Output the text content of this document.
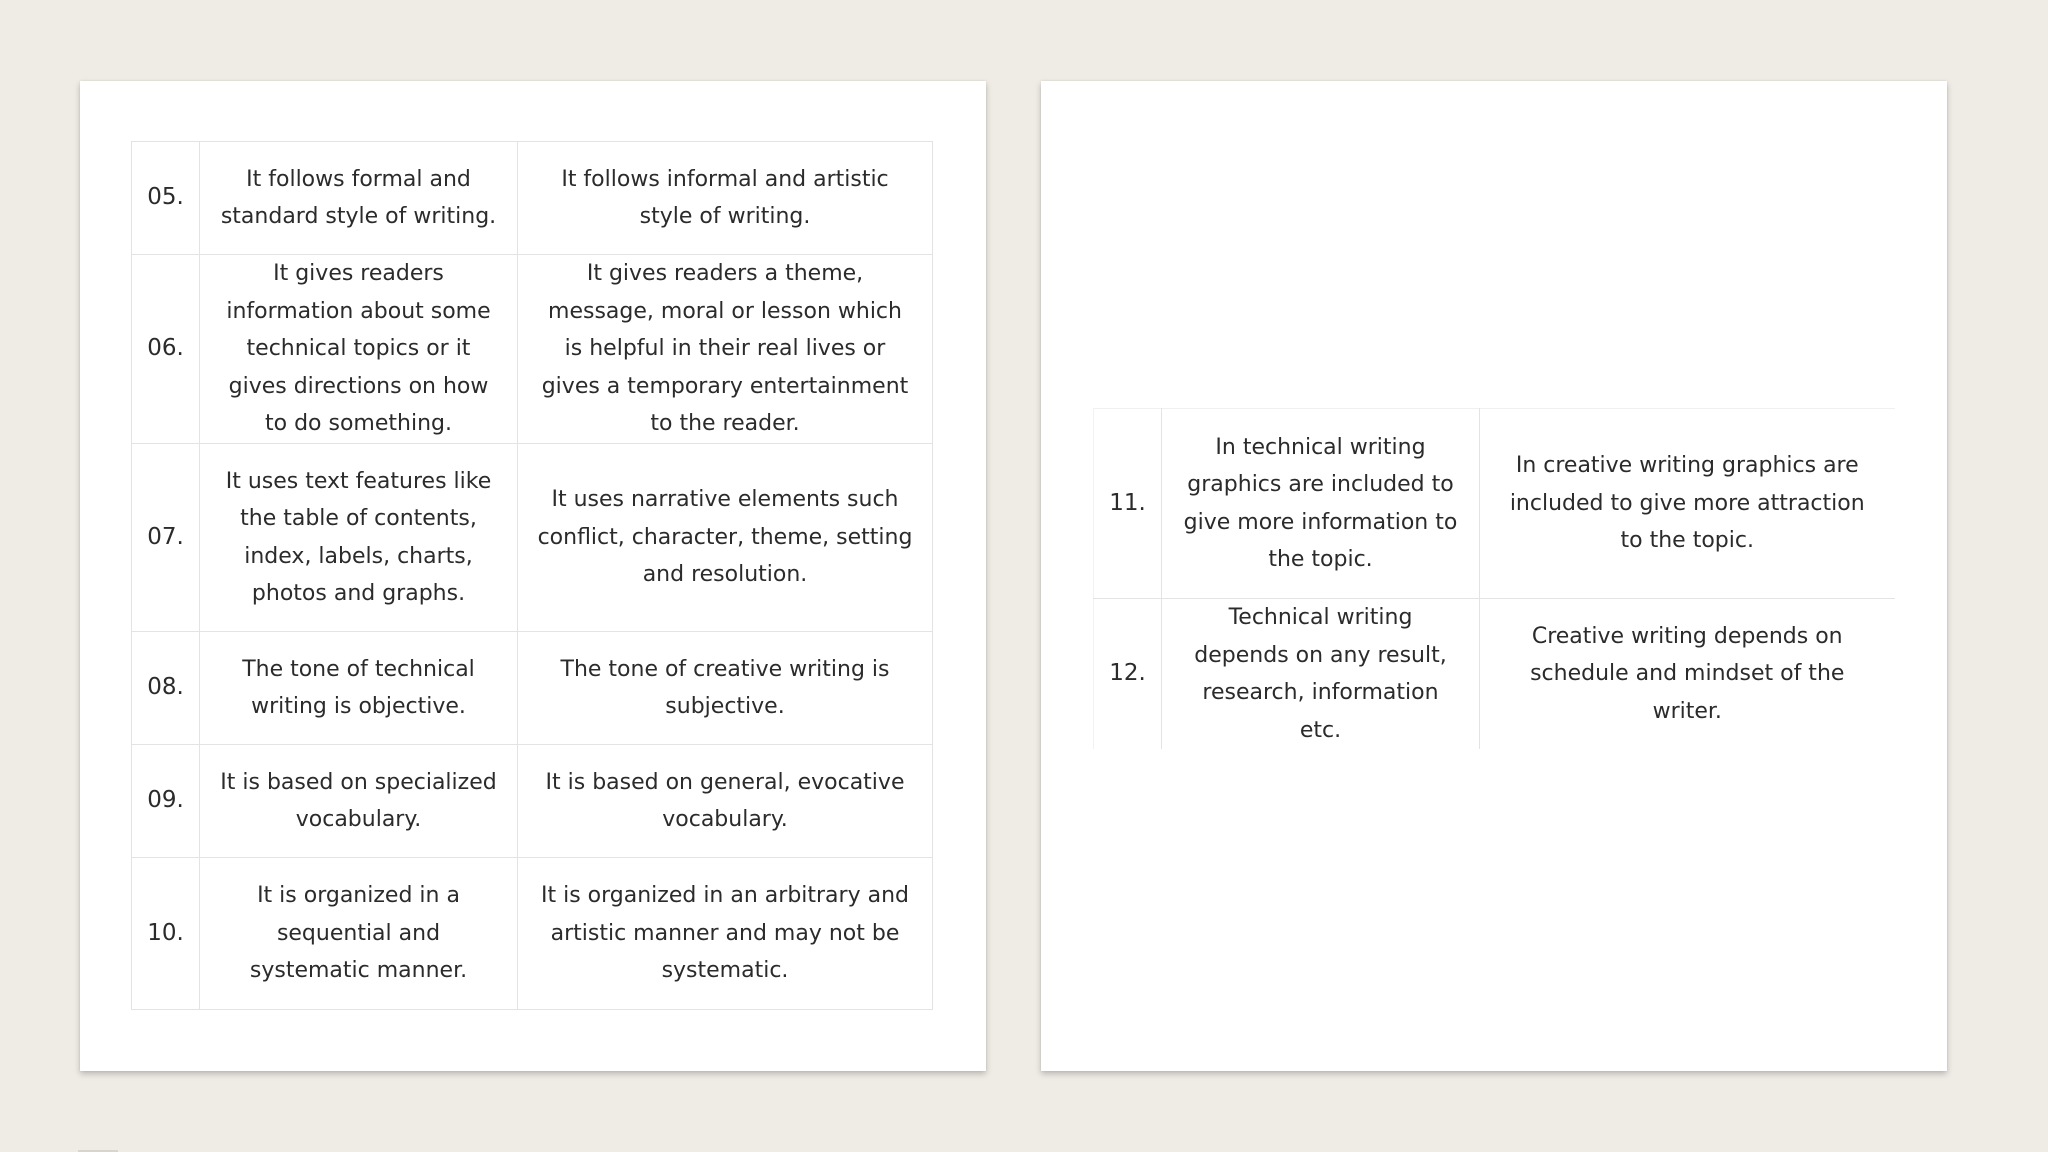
05.	It follows formal and standard style of writing.	It follows informal and artistic style of writing.
06.	It gives readers information about some technical topics or it gives directions on how to do something.	It gives readers a theme, message, moral or lesson which is helpful in their real lives or gives a temporary entertainment to the reader.
07.	It uses text features like the table of contents, index, labels, charts, photos and graphs.	It uses narrative elements such conflict, character, theme, setting and resolution.
08.	The tone of technical writing is objective.	The tone of creative writing is subjective.
09.	It is based on specialized vocabulary.	It is based on general, evocative vocabulary.
10.	It is organized in a sequential and systematic manner.	It is organized in an arbitrary and artistic manner and may not be systematic.
11.	In technical writing graphics are included to give more information to the topic.	In creative writing graphics are included to give more attraction to the topic.
12.	Technical writing depends on any result, research, information etc.	Creative writing depends on schedule and mindset of the writer.
